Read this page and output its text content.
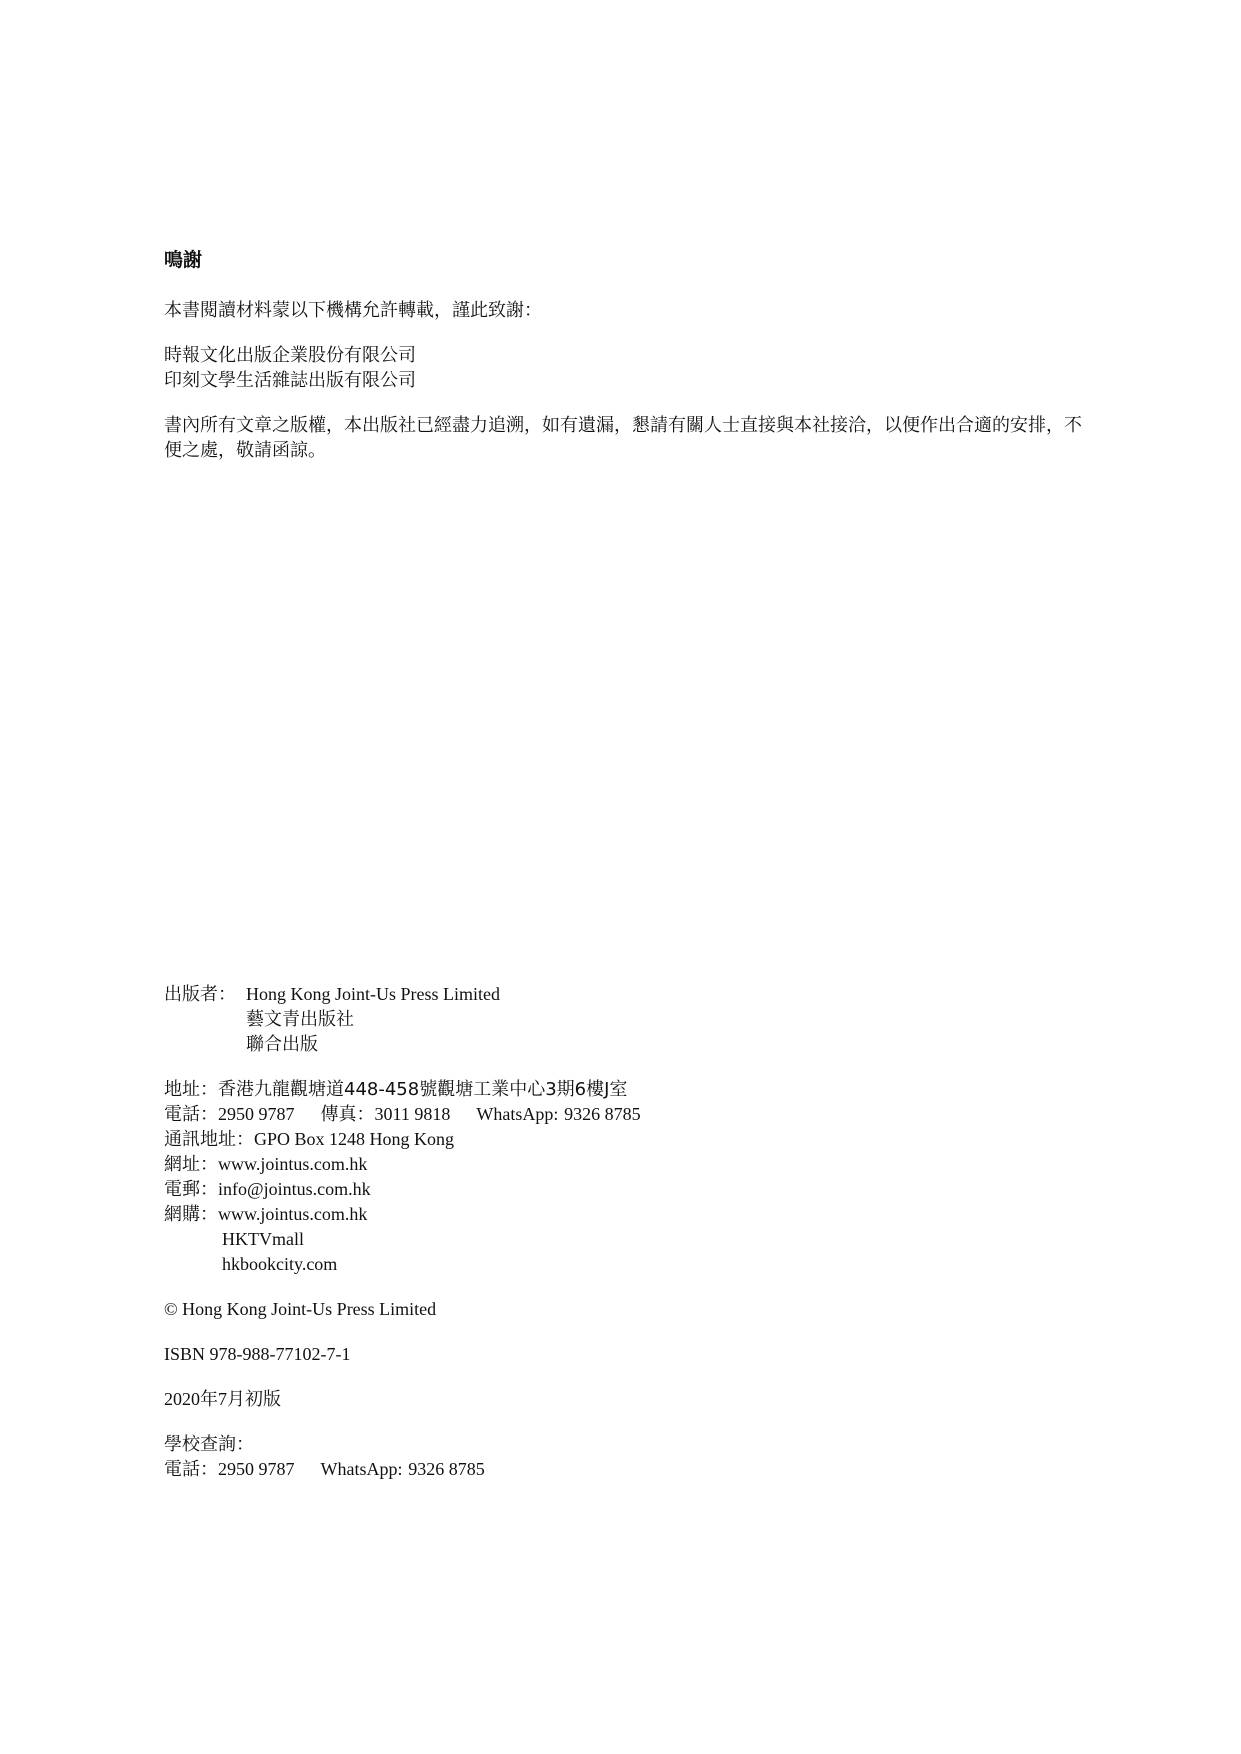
鳴謝
本書閱讀材料蒙以下機構允許轉載，謹此致謝：
時報文化出版企業股份有限公司
印刻文學生活雜誌出版有限公司
書內所有文章之版權，本出版社已經盡力追溯，如有遺漏，懇請有關人士直接與本社接洽，以便作出合適的安排，不便之處，敬請函諒。
出版者： Hong Kong Joint-Us Press Limited
藝文青出版社
聯合出版
地址：香港九龍觀塘道448-458號觀塘工業中心3期6樓J室
電話：2950 9787 傳真：3011 9818 WhatsApp: 9326 8785
通訊地址：GPO Box 1248 Hong Kong
網址：www.jointus.com.hk
電郵：info@jointus.com.hk
網購：www.jointus.com.hk
HKTVmall
hkbookcity.com
© Hong Kong Joint-Us Press Limited
ISBN 978-988-77102-7-1
2020年7月初版
學校查詢：
電話：2950 9787 WhatsApp: 9326 8785
